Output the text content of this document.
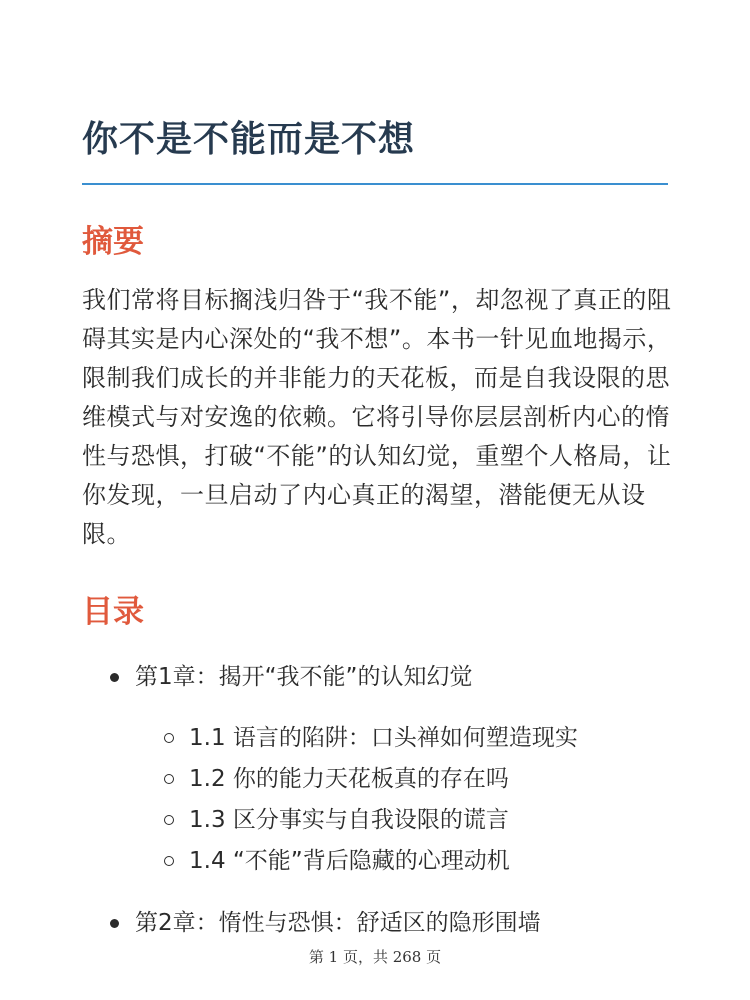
你不是不能而是不想
摘要

我们常将目标搁浅归咎于“我不能”，却忽视了真正的阻碍其实是内心深处的“我不想”。本书一针见血地揭示，限制我们成长的并非能力的天花板，而是自我设限的思维模式与对安逸的依赖。它将引导你层层剖析内心的惰性与恐惧，打破“不能”的认知幻觉，重塑个人格局，让你发现，一旦启动了内心真正的渴望，潜能便无从设限。

目录
第1章：揭开“我不能”的认知幻觉
1.1 语言的陷阱：口头禅如何塑造现实
1.2 你的能力天花板真的存在吗
1.3 区分事实与自我设限的谎言
1.4 “不能”背后隐藏的心理动机
第2章：惰性与恐惧：舒适区的隐形围墙
第 1 页，共 268 页
